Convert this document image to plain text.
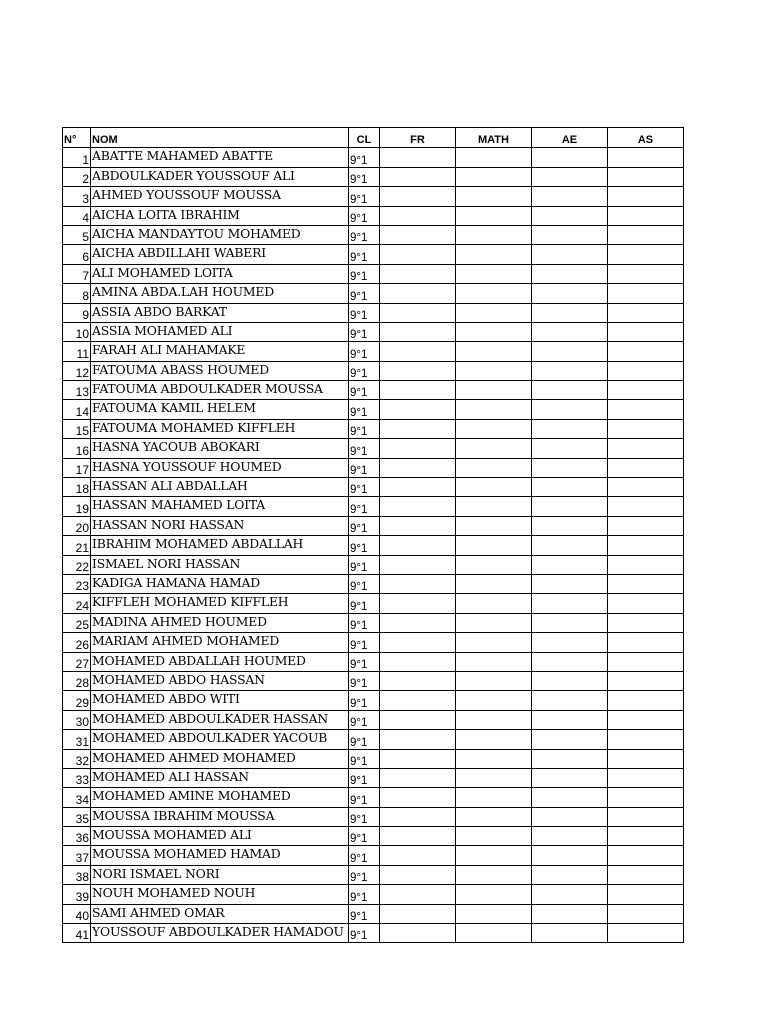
N°	NOM	CL	FR	MATH	AE	AS
1	ABATTE MAHAMED ABATTE	9°1				
2	ABDOULKADER YOUSSOUF ALI	9°1				
3	AHMED YOUSSOUF MOUSSA	9°1				
4	AICHA LOITA IBRAHIM	9°1				
5	AICHA MANDAYTOU MOHAMED	9°1				
6	AICHA ABDILLAHI WABERI	9°1				
7	ALI MOHAMED LOITA	9°1				
8	AMINA ABDA.LAH HOUMED	9°1				
9	ASSIA ABDO BARKAT	9°1				
10	ASSIA MOHAMED ALI	9°1				
11	FARAH ALI MAHAMAKE	9°1				
12	FATOUMA ABASS HOUMED	9°1				
13	FATOUMA ABDOULKADER MOUSSA	9°1				
14	FATOUMA KAMIL HELEM	9°1				
15	FATOUMA MOHAMED KIFFLEH	9°1				
16	HASNA YACOUB ABOKARI	9°1				
17	HASNA YOUSSOUF HOUMED	9°1				
18	HASSAN ALI ABDALLAH	9°1				
19	HASSAN MAHAMED LOITA	9°1				
20	HASSAN NORI HASSAN	9°1				
21	IBRAHIM MOHAMED ABDALLAH	9°1				
22	ISMAEL NORI HASSAN	9°1				
23	KADIGA HAMANA HAMAD	9°1				
24	KIFFLEH MOHAMED KIFFLEH	9°1				
25	MADINA AHMED HOUMED	9°1				
26	MARIAM AHMED MOHAMED	9°1				
27	MOHAMED ABDALLAH HOUMED	9°1				
28	MOHAMED ABDO HASSAN	9°1				
29	MOHAMED ABDO WITI	9°1				
30	MOHAMED ABDOULKADER HASSAN	9°1				
31	MOHAMED ABDOULKADER YACOUB	9°1				
32	MOHAMED AHMED MOHAMED	9°1				
33	MOHAMED ALI HASSAN	9°1				
34	MOHAMED AMINE MOHAMED	9°1				
35	MOUSSA IBRAHIM MOUSSA	9°1				
36	MOUSSA MOHAMED ALI	9°1				
37	MOUSSA MOHAMED HAMAD	9°1				
38	NORI ISMAEL NORI	9°1				
39	NOUH MOHAMED NOUH	9°1				
40	SAMI AHMED OMAR	9°1				
41	YOUSSOUF ABDOULKADER HAMADOU	9°1				
